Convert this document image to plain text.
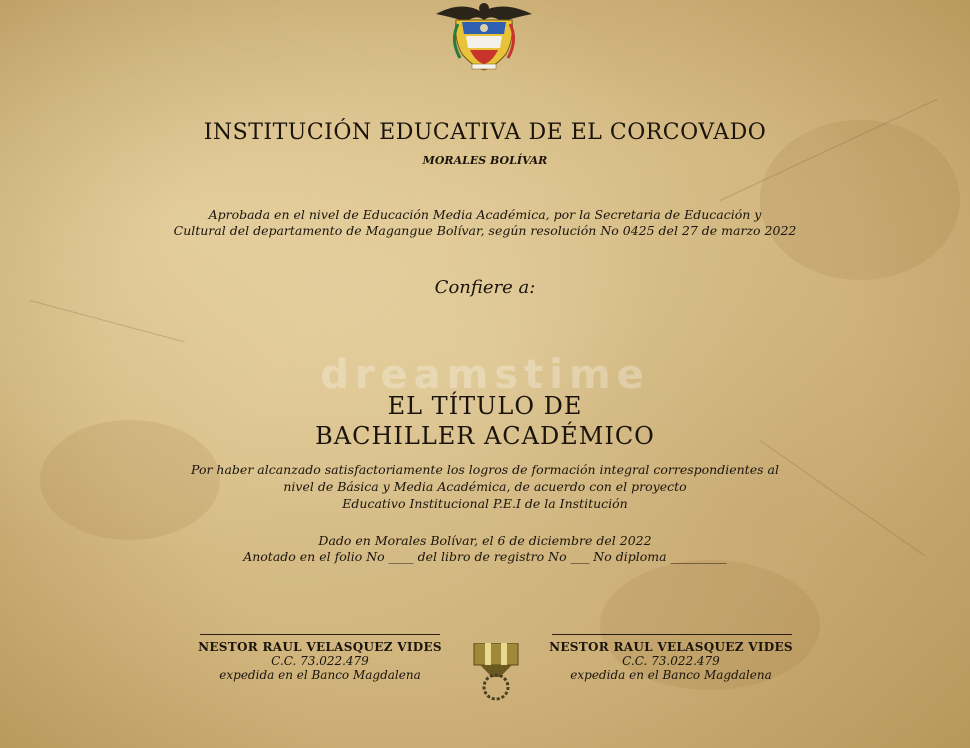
INSTITUCIÓN EDUCATIVA DE EL CORCOVADO
MORALES BOLÍVAR
Aprobada en el nivel de Educación Media Académica, por la Secretaria de Educación y
Cultural del departamento de Magangue Bolívar, según resolución No 0425 del 27 de marzo 2022
Confiere a:
dreamstime
EL TÍTULO DE
BACHILLER ACADÉMICO
Por haber alcanzado satisfactoriamente los logros de formación integral correspondientes al
nivel de Básica y Media Académica, de acuerdo con el proyecto
Educativo Institucional P.E.I de la Institución
Dado en Morales Bolívar, el 6 de diciembre del 2022
Anotado en el folio No ____ del libro de registro No ___ No diploma _________
NESTOR RAUL VELASQUEZ VIDES
C.C. 73.022.479
expedida en el Banco Magdalena
NESTOR RAUL VELASQUEZ VIDES
C.C. 73.022.479
expedida en el Banco Magdalena
